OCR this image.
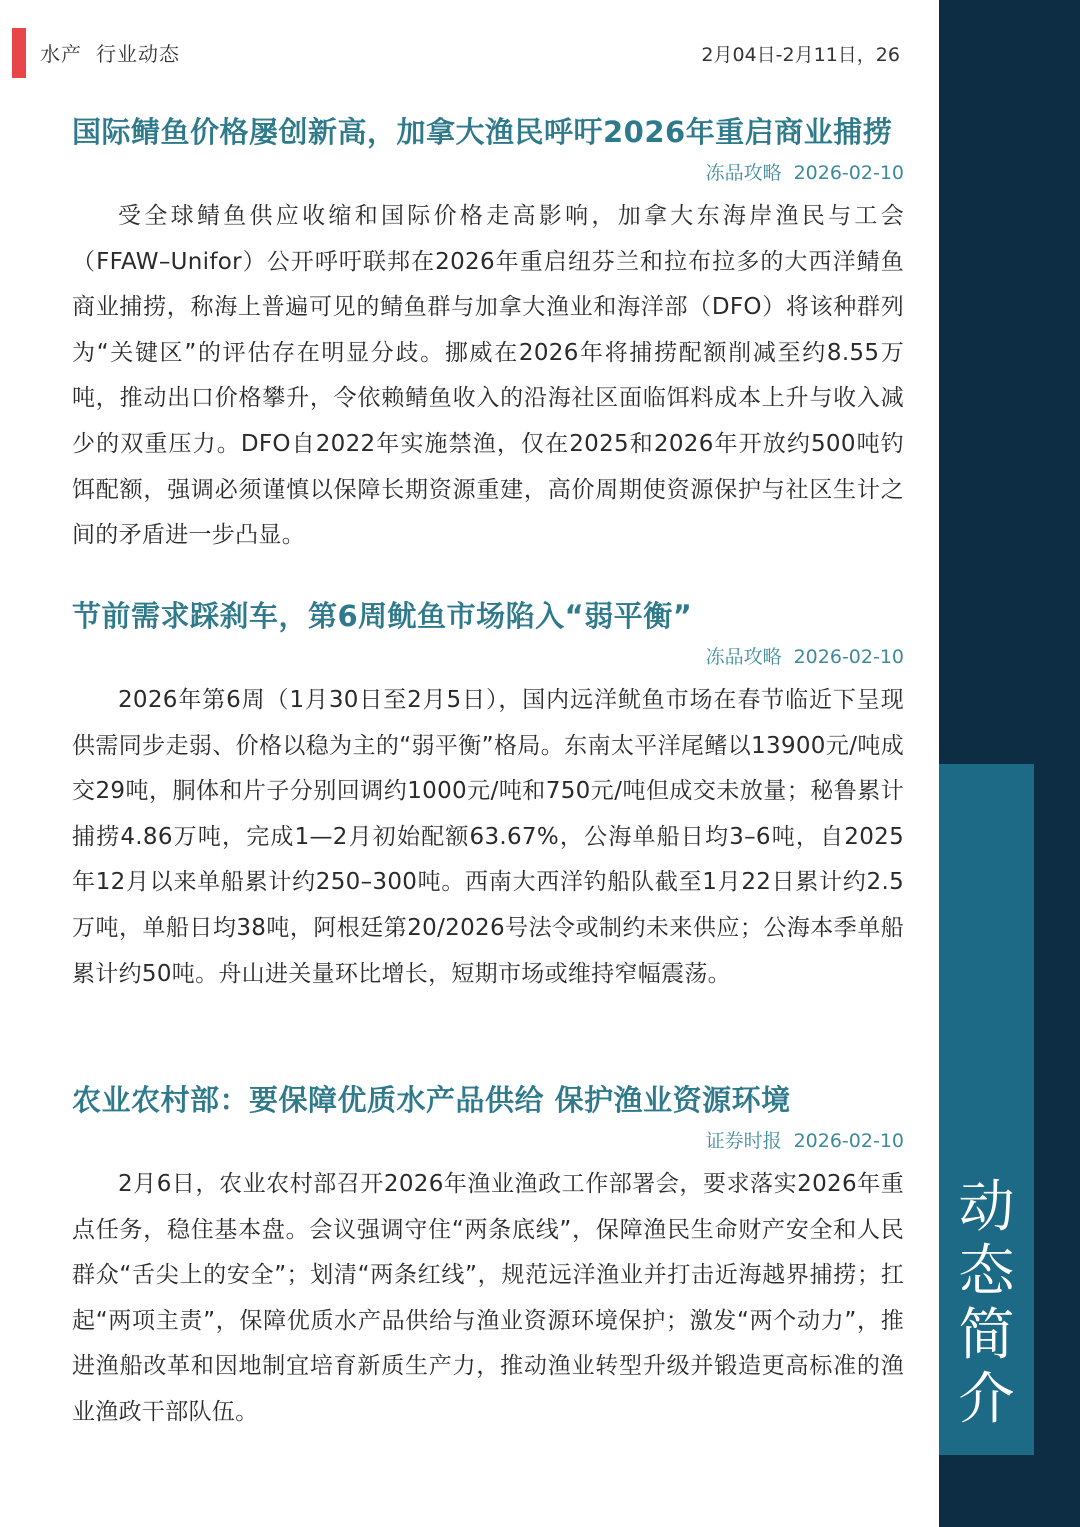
水产 行业动态	2月04日-2月11日，26
动
态
简
介
国际鲭鱼价格屡创新高，加拿大渔民呼吁2026年重启商业捕捞
冻品攻略 2026-02-10

受全球鲭鱼供应收缩和国际价格走高影响，加拿大东海岸渔民与工会（FFAW–Unifor）公开呼吁联邦在2026年重启纽芬兰和拉布拉多的大西洋鲭鱼商业捕捞，称海上普遍可见的鲭鱼群与加拿大渔业和海洋部（DFO）将该种群列为“关键区”的评估存在明显分歧。挪威在2026年将捕捞配额削减至约8.55万吨，推动出口价格攀升，令依赖鲭鱼收入的沿海社区面临饵料成本上升与收入减少的双重压力。DFO自2022年实施禁渔，仅在2025和2026年开放约500吨钓饵配额，强调必须谨慎以保障长期资源重建，高价周期使资源保护与社区生计之间的矛盾进一步凸显。

节前需求踩刹车，第6周鱿鱼市场陷入“弱平衡”
冻品攻略 2026-02-10

2026年第6周（1月30日至2月5日），国内远洋鱿鱼市场在春节临近下呈现供需同步走弱、价格以稳为主的“弱平衡”格局。东南太平洋尾鳍以13900元/吨成交29吨，胴体和片子分别回调约1000元/吨和750元/吨但成交未放量；秘鲁累计捕捞4.86万吨，完成1—2月初始配额63.67%，公海单船日均3–6吨，自2025年12月以来单船累计约250–300吨。西南大西洋钓船队截至1月22日累计约2.5万吨，单船日均38吨，阿根廷第20/2026号法令或制约未来供应；公海本季单船累计约50吨。舟山进关量环比增长，短期市场或维持窄幅震荡。

农业农村部：要保障优质水产品供给 保护渔业资源环境
证券时报 2026-02-10

2月6日，农业农村部召开2026年渔业渔政工作部署会，要求落实2026年重点任务，稳住基本盘。会议强调守住“两条底线”，保障渔民生命财产安全和人民群众“舌尖上的安全”；划清“两条红线”，规范远洋渔业并打击近海越界捕捞；扛起“两项主责”，保障优质水产品供给与渔业资源环境保护；激发“两个动力”，推进渔船改革和因地制宜培育新质生产力，推动渔业转型升级并锻造更高标准的渔业渔政干部队伍。
